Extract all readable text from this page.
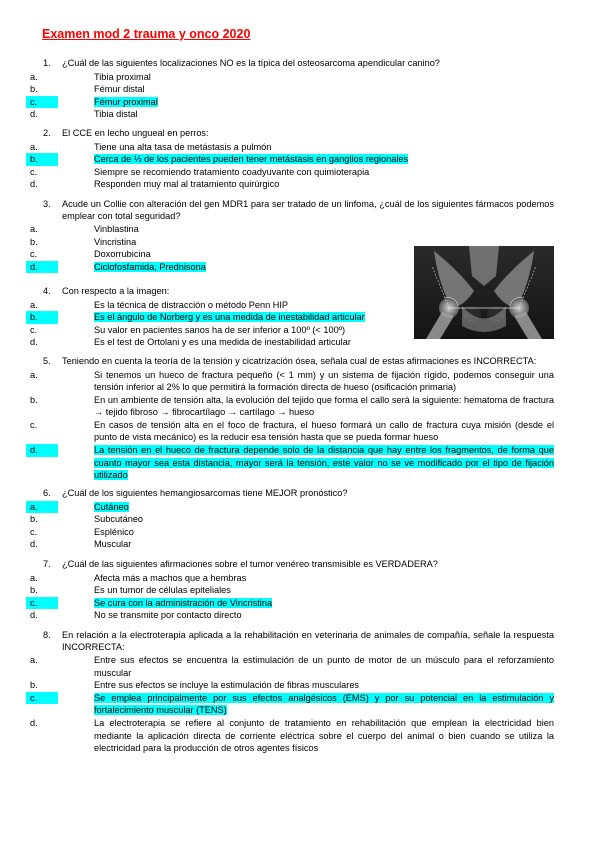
Examen mod 2 trauma y onco 2020
1. ¿Cuál de las siguientes localizaciones NO es la típica del osteosarcoma apendicular canino?
a.	Tibia proximal
b.	Fémur distal
c.	Fémur proximal
d.	Tibia distal
2. El CCE en lecho ungueal en perros:
a.	Tiene una alta tasa de metástasis a pulmón
b.	Cerca de ⅓ de los pacientes pueden tener metástasis en ganglios regionales
c.	Siempre se recomiendo tratamiento coadyuvante con quimioterapia
d.	Responden muy mal al tratamiento quirúrgico
3. Acude un Collie con alteración del gen MDR1 para ser tratado de un linfoma, ¿cuál de los siguientes fármacos podemos emplear con total seguridad?
a.	Vinblastina
b.	Vincristina
c.	Doxorrubicina
d.	Ciclofosfamida, Prednisona
4. Con respecto a la imagen:
a.	Es la técnica de distracción o método Penn HIP
b.	Es el ángulo de Norberg y es una medida de inestabilidad articular
c.	Su valor en pacientes sanos ha de ser inferior a 100º (< 100º)
d.	Es el test de Ortolani y es una medida de inestabilidad articular
5. Teniendo en cuenta la teoría de la tensión y cicatrización ósea, señala cual de estas afirmaciones es INCORRECTA:
a.	Si tenemos un hueco de fractura pequeño (< 1 mm) y un sistema de fijación rígido, podemos conseguir una tensión inferior al 2% lo que permitirá la formación directa de hueso (osificación primaria)
b.	En un ambiente de tensión alta, la evolución del tejido que forma el callo será la siguiente: hematoma de fractura → tejido fibroso → fibrocartílago → cartílago → hueso
c.	En casos de tensión alta en el foco de fractura, el hueso formará un callo de fractura cuya misión (desde el punto de vista mecánico) es la reducir esa tensión hasta que se pueda formar hueso
d.	La tensión en el hueco de fractura depende solo de la distancia que hay entre los fragmentos, de forma que cuanto mayor sea esta distancia, mayor será la tensión, este valor no se ve modificado por el tipo de fijación utilizado
6. ¿Cuál de los siguientes hemangiosarcomas tiene MEJOR pronóstico?
a.	Cutáneo
b.	Subcutáneo
c.	Esplénico
d.	Muscular
7. ¿Cuál de las siguientes afirmaciones sobre el tumor venéreo transmisible es VERDADERA?
a.	Afecta más a machos que a hembras
b.	Es un tumor de células epiteliales
c.	Se cura con la administración de Vincristina
d.	No se transmite por contacto directo
8. En relación a la electroterapia aplicada a la rehabilitación en veterinaria de animales de compañía, señale la respuesta INCORRECTA:
a.	Entre sus efectos se encuentra la estimulación de un punto de motor de un músculo para el reforzamiento muscular
b.	Entre sus efectos se incluye la estimulación de fibras musculares
c.	Se emplea principalmente por sus efectos analgésicos (EMS) y por su potencial en la estimulación y fortalecimiento muscular (TENS)
d.	La electroterapia se refiere al conjunto de tratamiento en rehabilitación que emplean la electricidad bien mediante la aplicación directa de corriente eléctrica sobre el cuerpo del animal o bien cuando se utiliza la electricidad para la producción de otros agentes físicos
